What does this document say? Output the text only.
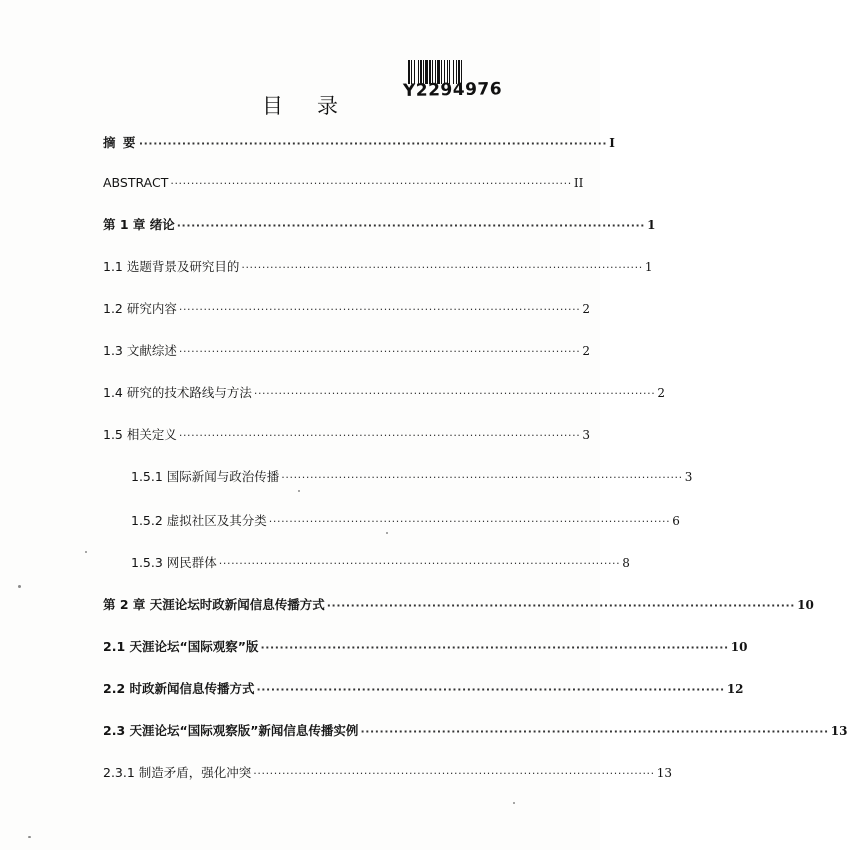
Y2294976
目录
摘 要 ·································································································· I
ABSTRACT ·································································································· II
第 1 章 绪论 ·································································································· 1
1.1 选题背景及研究目的 ·································································································· 1
1.2 研究内容 ·································································································· 2
1.3 文献综述 ·································································································· 2
1.4 研究的技术路线与方法 ·································································································· 2
1.5 相关定义 ·································································································· 3
1.5.1 国际新闻与政治传播 ·································································································· 3
1.5.2 虚拟社区及其分类 ·································································································· 6
1.5.3 网民群体 ·································································································· 8
第 2 章 天涯论坛时政新闻信息传播方式 ·································································································· 10
2.1 天涯论坛“国际观察”版 ·································································································· 10
2.2 时政新闻信息传播方式 ·································································································· 12
2.3 天涯论坛“国际观察版”新闻信息传播实例 ·································································································· 13
2.3.1 制造矛盾，强化冲突 ·································································································· 13
